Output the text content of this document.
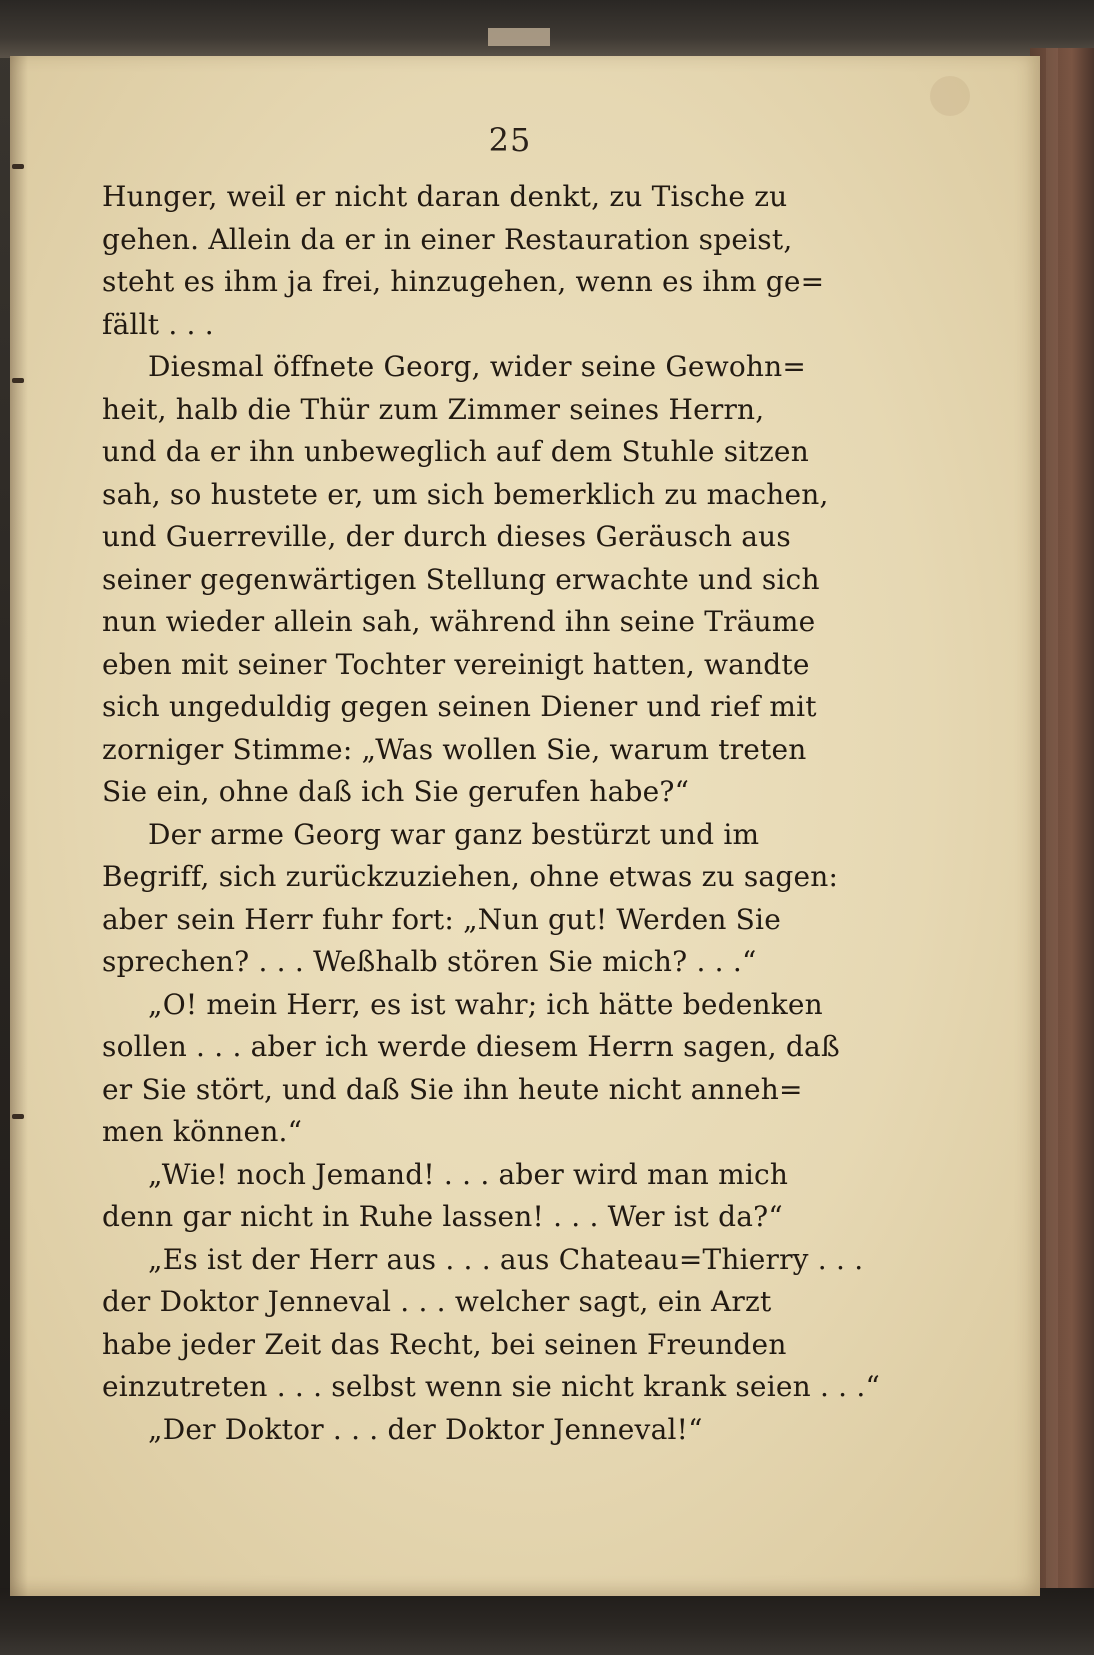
25
Hunger, weil er nicht daran denkt, zu Tische zu
gehen. Allein da er in einer Restauration speist,
steht es ihm ja frei, hinzugehen, wenn es ihm ge=
fällt . . .
Diesmal öffnete Georg, wider seine Gewohn=
heit, halb die Thür zum Zimmer seines Herrn,
und da er ihn unbeweglich auf dem Stuhle sitzen
sah, so hustete er, um sich bemerklich zu machen,
und Guerreville, der durch dieses Geräusch aus
seiner gegenwärtigen Stellung erwachte und sich
nun wieder allein sah, während ihn seine Träume
eben mit seiner Tochter vereinigt hatten, wandte
sich ungeduldig gegen seinen Diener und rief mit
zorniger Stimme: „Was wollen Sie, warum treten
Sie ein, ohne daß ich Sie gerufen habe?“
Der arme Georg war ganz bestürzt und im
Begriff, sich zurückzuziehen, ohne etwas zu sagen:
aber sein Herr fuhr fort: „Nun gut! Werden Sie
sprechen? . . . Weßhalb stören Sie mich? . . .“
„O! mein Herr, es ist wahr; ich hätte bedenken
sollen . . . aber ich werde diesem Herrn sagen, daß
er Sie stört, und daß Sie ihn heute nicht anneh=
men können.“
„Wie! noch Jemand! . . . aber wird man mich
denn gar nicht in Ruhe lassen! . . . Wer ist da?“
„Es ist der Herr aus . . . aus Chateau=Thierry . . .
der Doktor Jenneval . . . welcher sagt, ein Arzt
habe jeder Zeit das Recht, bei seinen Freunden
einzutreten . . . selbst wenn sie nicht krank seien . . .“
„Der Doktor . . . der Doktor Jenneval!“
